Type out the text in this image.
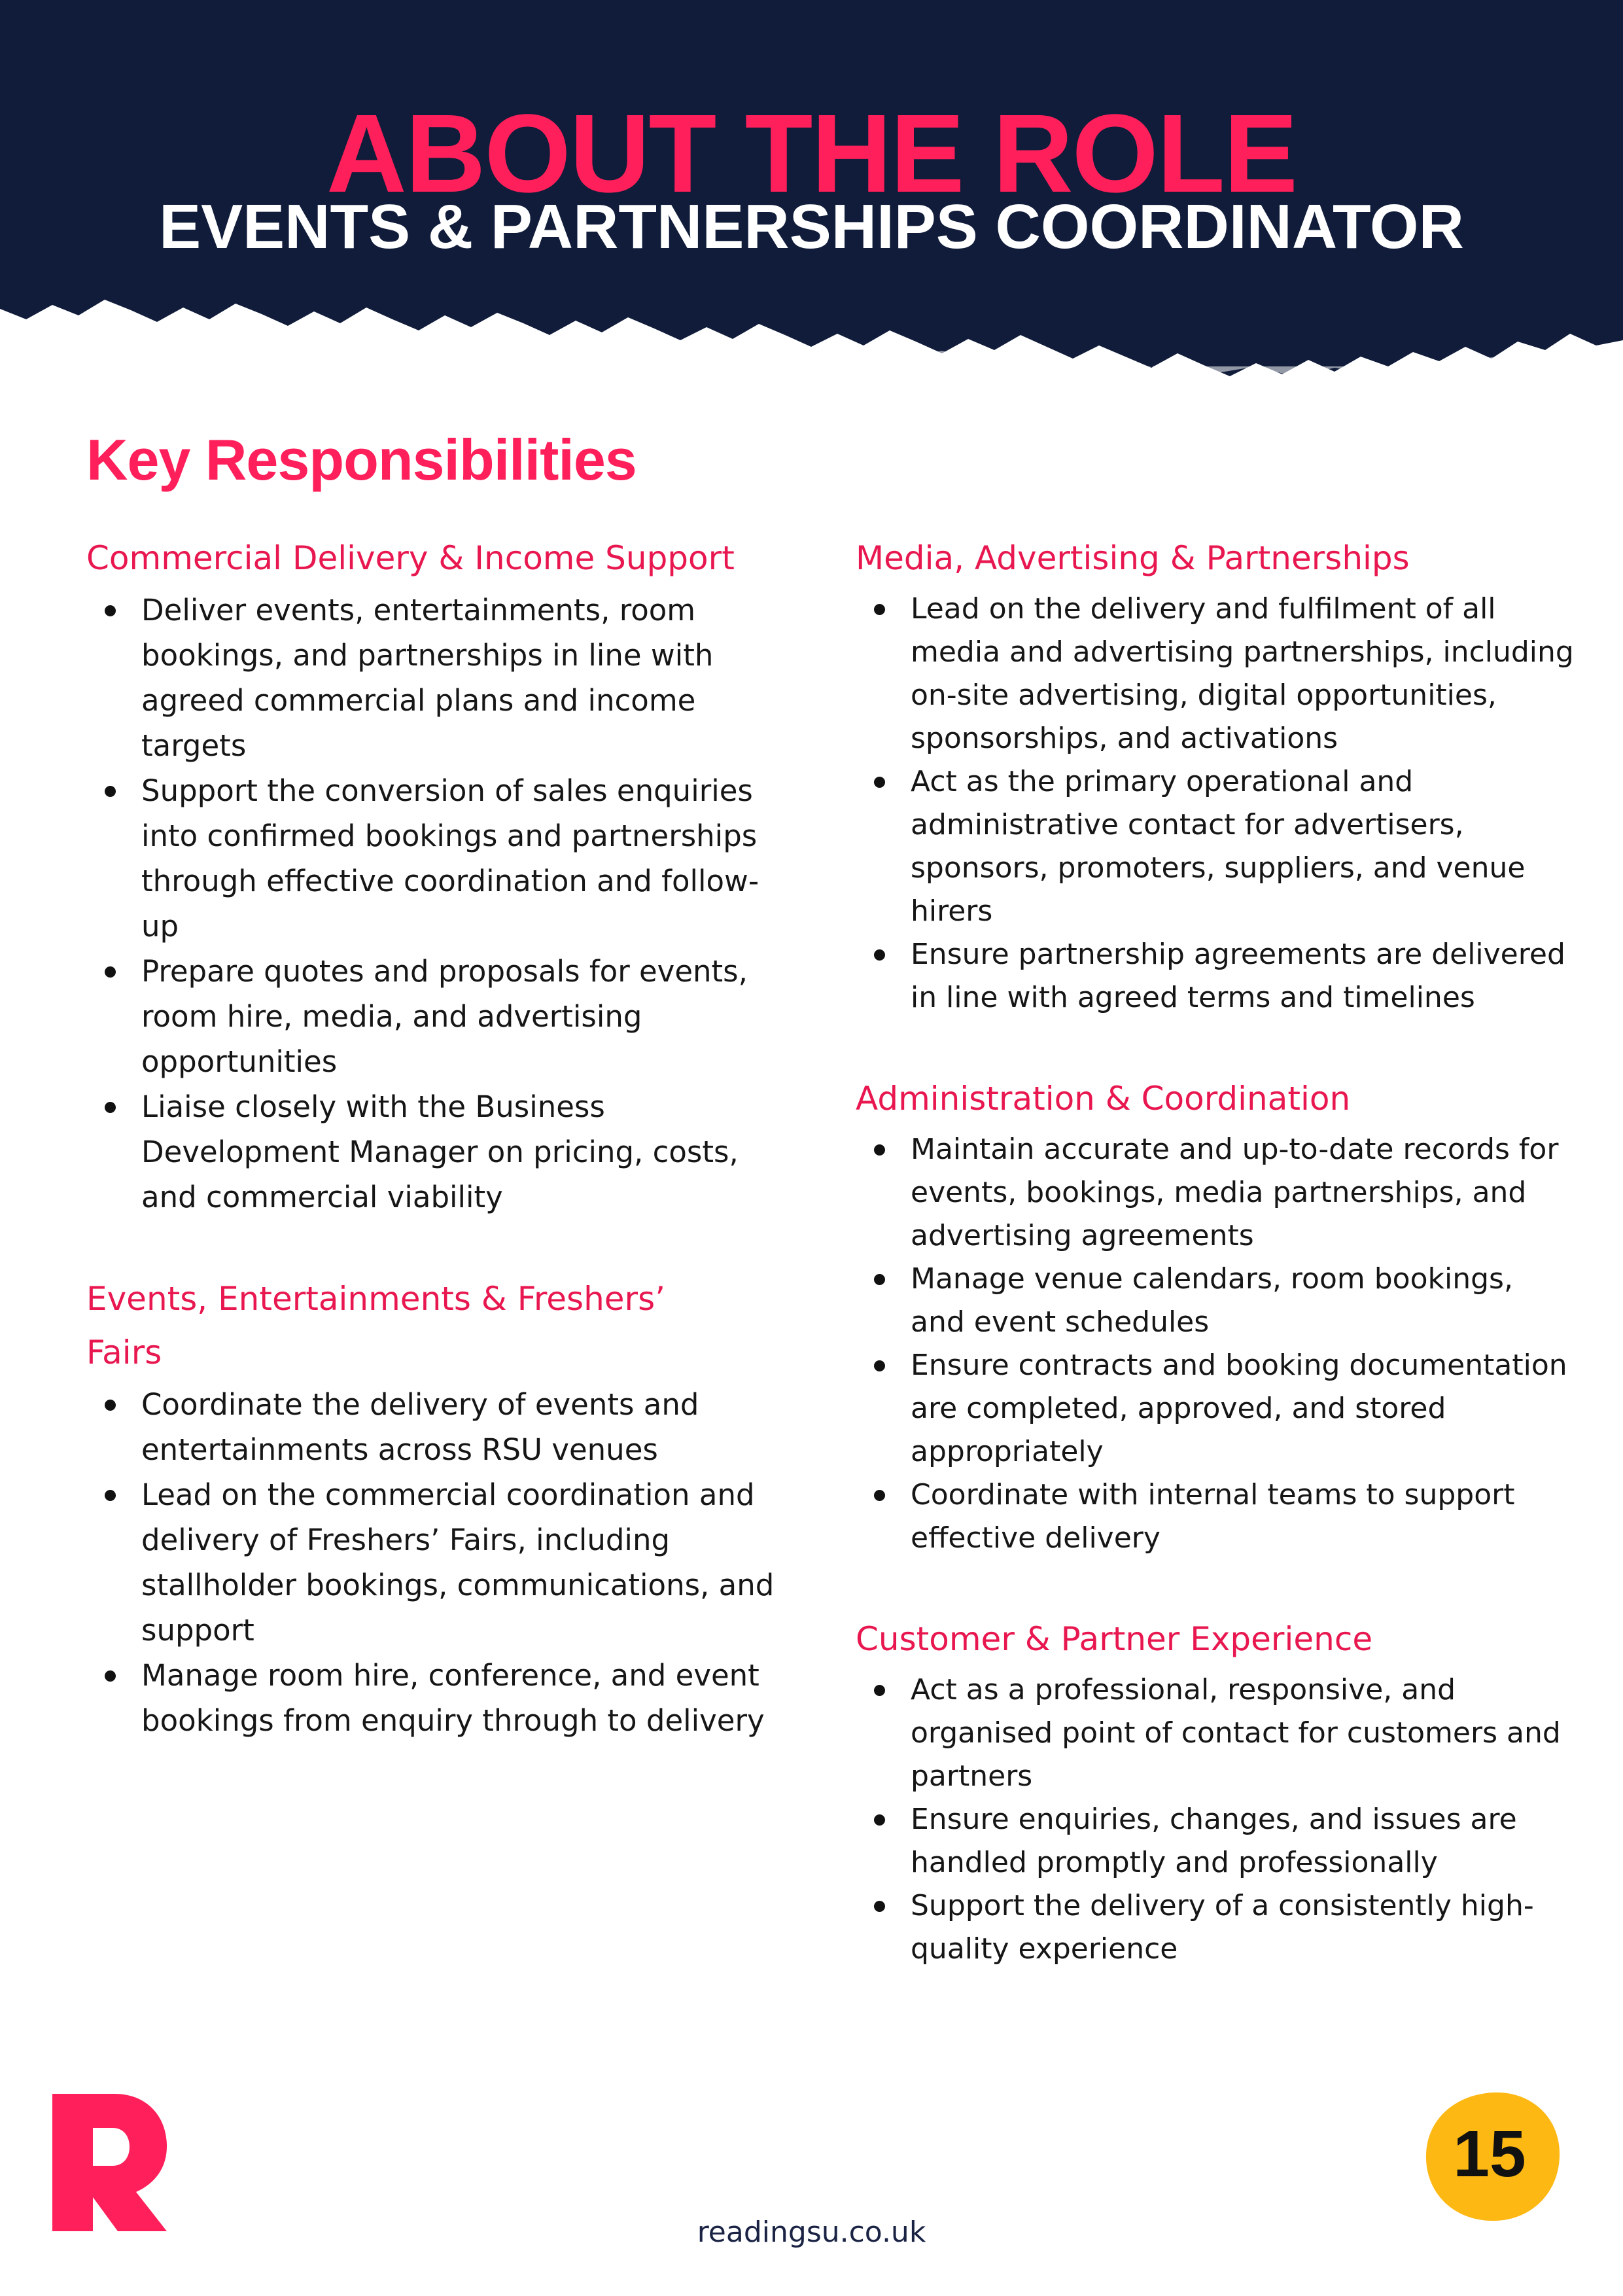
ABOUT THE ROLE
EVENTS & PARTNERSHIPS COORDINATOR
Key Responsibilities
Commercial Delivery & Income Support
Deliver events, entertainments, room bookings, and partnerships in line with agreed commercial plans and income targets
Support the conversion of sales enquiries into confirmed bookings and partnerships through effective coordination and follow-up
Prepare quotes and proposals for events, room hire, media, and advertising opportunities
Liaise closely with the Business Development Manager on pricing, costs, and commercial viability
Events, Entertainments & Freshers’ Fairs
Coordinate the delivery of events and entertainments across RSU venues
Lead on the commercial coordination and delivery of Freshers’ Fairs, including stallholder bookings, communications, and support
Manage room hire, conference, and event bookings from enquiry through to delivery
Media, Advertising & Partnerships
Lead on the delivery and fulfilment of all media and advertising partnerships, including on-site advertising, digital opportunities, sponsorships, and activations
Act as the primary operational and administrative contact for advertisers, sponsors, promoters, suppliers, and venue hirers
Ensure partnership agreements are delivered in line with agreed terms and timelines
Administration & Coordination
Maintain accurate and up-to-date records for events, bookings, media partnerships, and advertising agreements
Manage venue calendars, room bookings, and event schedules
Ensure contracts and booking documentation are completed, approved, and stored appropriately
Coordinate with internal teams to support effective delivery
Customer & Partner Experience
Act as a professional, responsive, and organised point of contact for customers and partners
Ensure enquiries, changes, and issues are handled promptly and professionally
Support the delivery of a consistently high-quality experience
15
readingsu.co.uk
